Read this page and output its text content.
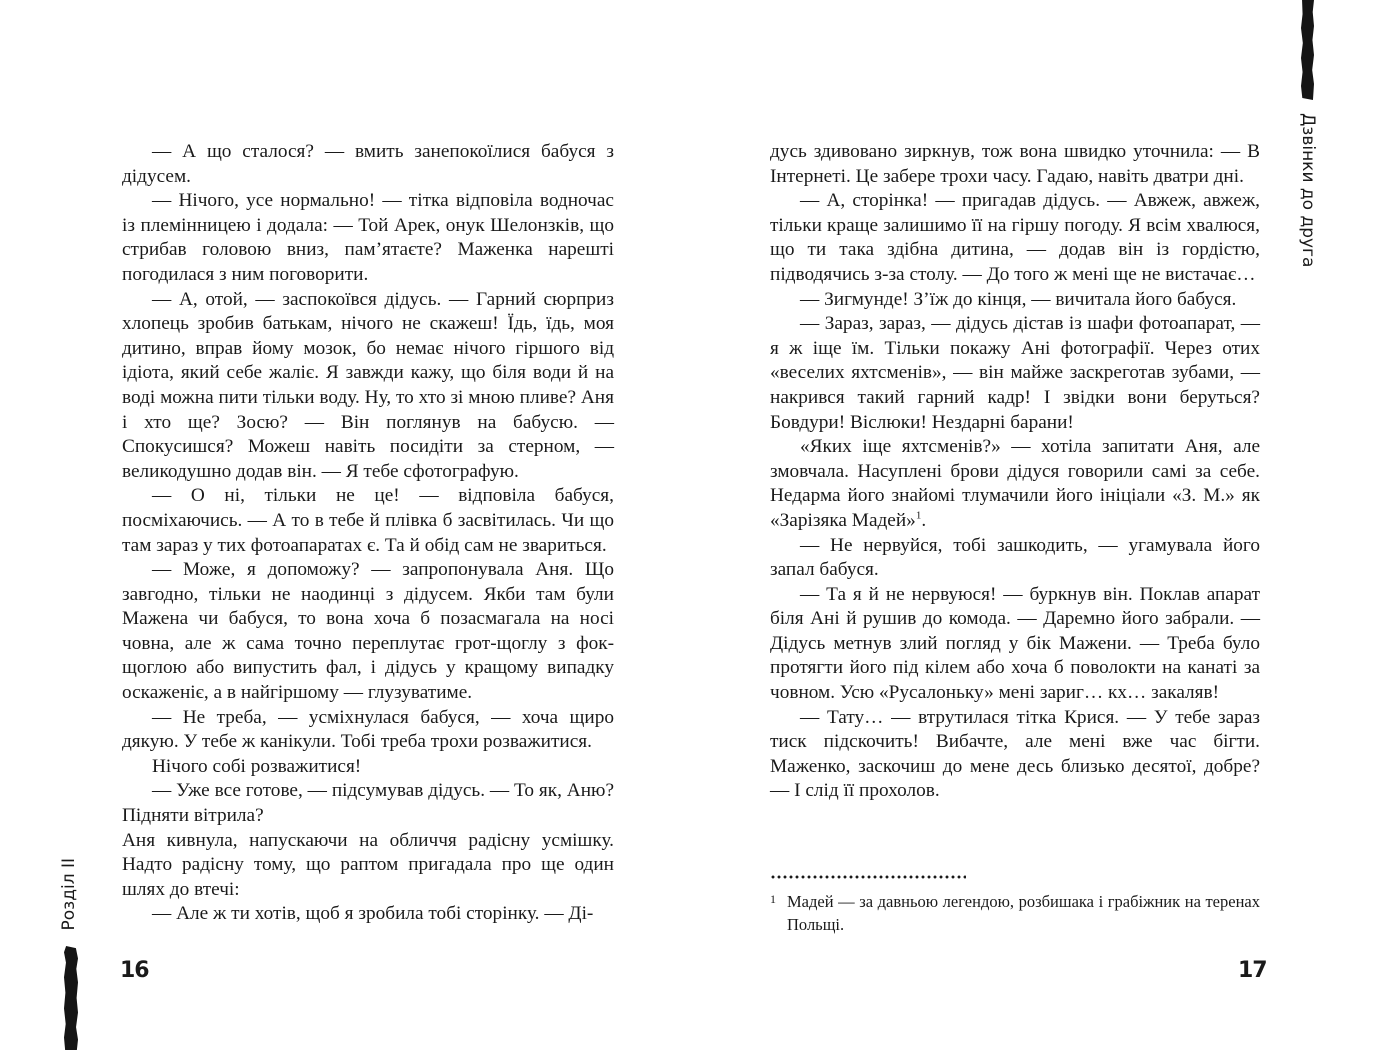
— А що сталося? — вмить занепокоїлися бабуся з дідусем.

— Нічого, усе нормально! — тітка відповіла водночас із племінницею і додала: — Той Арек, онук Шелонзків, що стрибав головою вниз, пам’ятаєте? Маженка нарешті погодилася з ним поговорити.

— А, отой, — заспокоївся дідусь. — Гарний сюрприз хлопець зробив батькам, нічого не скажеш! Їдь, їдь, моя дитино, вправ йому мозок, бо немає нічого гіршого від ідіота, який себе жаліє. Я завжди кажу, що біля води й на воді можна пити тільки воду. Ну, то хто зі мною пливе? Аня і хто ще? Зосю? — Він поглянув на бабусю. — Спокусишся? Можеш навіть посидіти за стерном, — великодушно додав він. — Я тебе сфотографую.

— О ні, тільки не це! — відповіла бабуся, посміхаючись. — А то в тебе й плівка б засвітилась. Чи що там зараз у тих фотоапаратах є. Та й обід сам не звариться.

— Може, я допоможу? — запропонувала Аня. Що завгодно, тільки не наодинці з дідусем. Якби там були Мажена чи бабуся, то вона хоча б позасмагала на носі човна, але ж сама точно переплутає грот-щоглу з фок-щоглою або випустить фал, і дідусь у кращому випадку оскаженіє, а в найгіршому — глузуватиме.

— Не треба, — усміхнулася бабуся, — хоча щиро дякую. У тебе ж канікули. Тобі треба трохи розважитися.

Нічого собі розважитися!

— Уже все готове, — підсумував дідусь. — То як, Аню? Підняти вітрила?

Аня кивнула, напускаючи на обличчя радісну усмішку. Надто радісну тому, що раптом пригадала про ще один шлях до втечі:

— Але ж ти хотів, щоб я зробила тобі сторінку. — Ді-

16
Розділ II

дусь здивовано зиркнув, тож вона швидко уточнила: — В Інтернеті. Це забере трохи часу. Гадаю, навіть дватри дні.

— А, сторінка! — пригадав дідусь. — Авжеж, авжеж, тільки краще залишимо її на гіршу погоду. Я всім хвалюся, що ти така здібна дитина, — додав він із гордістю, підводячись з-за столу. — До того ж мені ще не вистачає…

— Зигмунде! З’їж до кінця, — вичитала його бабуся.

— Зараз, зараз, — дідусь дістав із шафи фотоапарат, — я ж іще їм. Тільки покажу Ані фотографії. Через отих «веселих яхтсменів», — він майже заскреготав зубами, — накрився такий гарний кадр! І звідки вони беруться? Бовдури! Віслюки! Нездарні барани!

«Яких іще яхтсменів?» — хотіла запитати Аня, але змовчала. Насуплені брови дідуся говорили самі за себе. Недарма його знайомі тлумачили його ініціали «З. М.» як «Зарізяка Мадей»$^1$.

— Не нервуйся, тобі зашкодить, — угамувала його запал бабуся.

— Та я й не нервуюся! — буркнув він. Поклав апарат біля Ані й рушив до комода. — Даремно його забрали. — Дідусь метнув злий погляд у бік Мажени. — Треба було протягти його під кілем або хоча б поволокти на канаті за човном. Усю «Русалоньку» мені зариг… кх… закаляв!

— Тату… — втрутилася тітка Крися. — У тебе зараз тиск підскочить! Вибачте, але мені вже час бігти. Маженко, заскочиш до мене десь близько десятої, добре? — І слід її прохолов.

1 Мадей — за давньою легендою, розбишака і грабіжник на теренах Польщі.
17
Дзвінки до друга
